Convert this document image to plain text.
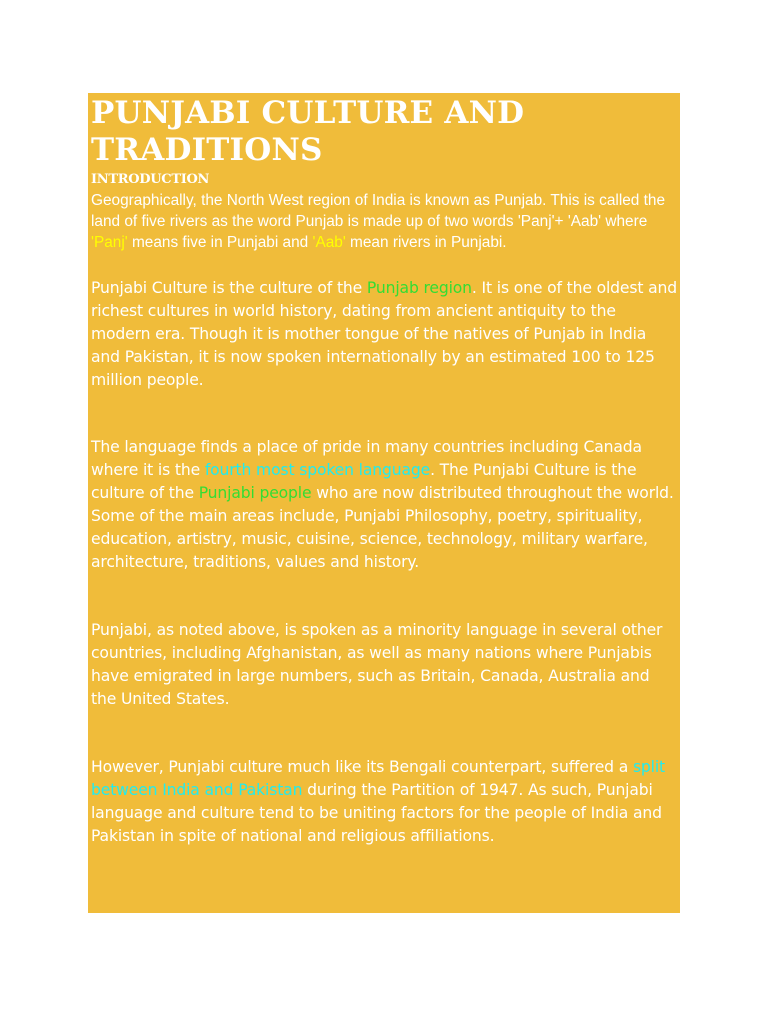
PUNJABI CULTURE AND TRADITIONS
INTRODUCTION

Geographically, the North West region of India is known as Punjab. This is called the land of five rivers as the word Punjab is made up of two words 'Panj'+ 'Aab' where 'Panj' means five in Punjabi and 'Aab' mean rivers in Punjabi.

Punjabi Culture is the culture of the Punjab region. It is one of the oldest and richest cultures in world history, dating from ancient antiquity to the modern era. Though it is mother tongue of the natives of Punjab in India and Pakistan, it is now spoken internationally by an estimated 100 to 125 million people.

The language finds a place of pride in many countries including Canada where it is the fourth most spoken language. The Punjabi Culture is the culture of the Punjabi people who are now distributed throughout the world. Some of the main areas include, Punjabi Philosophy, poetry, spirituality, education, artistry, music, cuisine, science, technology, military warfare, architecture, traditions, values and history.

Punjabi, as noted above, is spoken as a minority language in several other countries, including Afghanistan, as well as many nations where Punjabis have emigrated in large numbers, such as Britain, Canada, Australia and the United States.

However, Punjabi culture much like its Bengali counterpart, suffered a split between India and Pakistan during the Partition of 1947. As such, Punjabi language and culture tend to be uniting factors for the people of India and Pakistan in spite of national and religious affiliations.
